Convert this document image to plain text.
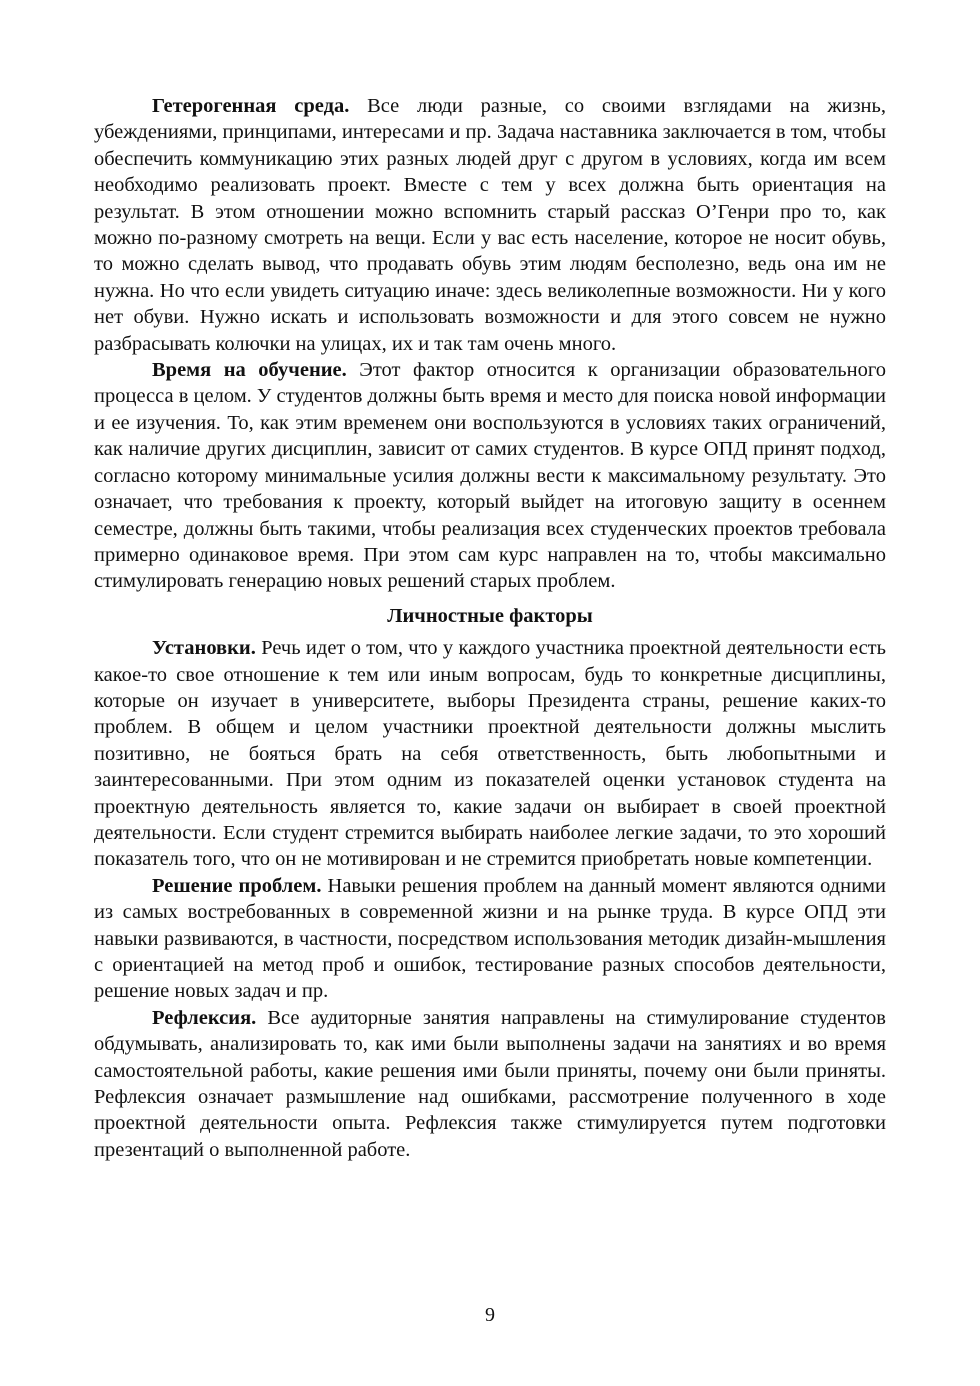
Гетерогенная среда. Все люди разные, со своими взглядами на жизнь, убеждениями, принципами, интересами и пр. Задача наставника заключается в том, чтобы обеспечить коммуникацию этих разных людей друг с другом в условиях, когда им всем необходимо реализовать проект. Вместе с тем у всех должна быть ориентация на результат. В этом отношении можно вспомнить старый рассказ О’Генри про то, как можно по-разному смотреть на вещи. Если у вас есть население, которое не носит обувь, то можно сделать вывод, что продавать обувь этим людям бесполезно, ведь она им не нужна. Но что если увидеть ситуацию иначе: здесь великолепные возможности. Ни у кого нет обуви. Нужно искать и использовать возможности и для этого совсем не нужно разбрасывать колючки на улицах, их и так там очень много.

Время на обучение. Этот фактор относится к организации образовательного процесса в целом. У студентов должны быть время и место для поиска новой информации и ее изучения. То, как этим временем они воспользуются в условиях таких ограничений, как наличие других дисциплин, зависит от самих студентов. В курсе ОПД принят подход, согласно которому минимальные усилия должны вести к максимальному результату. Это означает, что требования к проекту, который выйдет на итоговую защиту в осеннем семестре, должны быть такими, чтобы реализация всех студенческих проектов требовала примерно одинаковое время. При этом сам курс направлен на то, чтобы максимально стимулировать генерацию новых решений старых проблем.

Личностные факторы

Установки. Речь идет о том, что у каждого участника проектной деятельности есть какое-то свое отношение к тем или иным вопросам, будь то конкретные дисциплины, которые он изучает в университете, выборы Президента страны, решение каких-то проблем. В общем и целом участники проектной деятельности должны мыслить позитивно, не бояться брать на себя ответственность, быть любопытными и заинтересованными. При этом одним из показателей оценки установок студента на проектную деятельность является то, какие задачи он выбирает в своей проектной деятельности. Если студент стремится выбирать наиболее легкие задачи, то это хороший показатель того, что он не мотивирован и не стремится приобретать новые компетенции.

Решение проблем. Навыки решения проблем на данный момент являются одними из самых востребованных в современной жизни и на рынке труда. В курсе ОПД эти навыки развиваются, в частности, посредством использования методик дизайн-мышления с ориентацией на метод проб и ошибок, тестирование разных способов деятельности, решение новых задач и пр.

Рефлексия. Все аудиторные занятия направлены на стимулирование студентов обдумывать, анализировать то, как ими были выполнены задачи на занятиях и во время самостоятельной работы, какие решения ими были приняты, почему они были приняты. Рефлексия означает размышление над ошибками, рассмотрение полученного в ходе проектной деятельности опыта. Рефлексия также стимулируется путем подготовки презентаций о выполненной работе.

9
